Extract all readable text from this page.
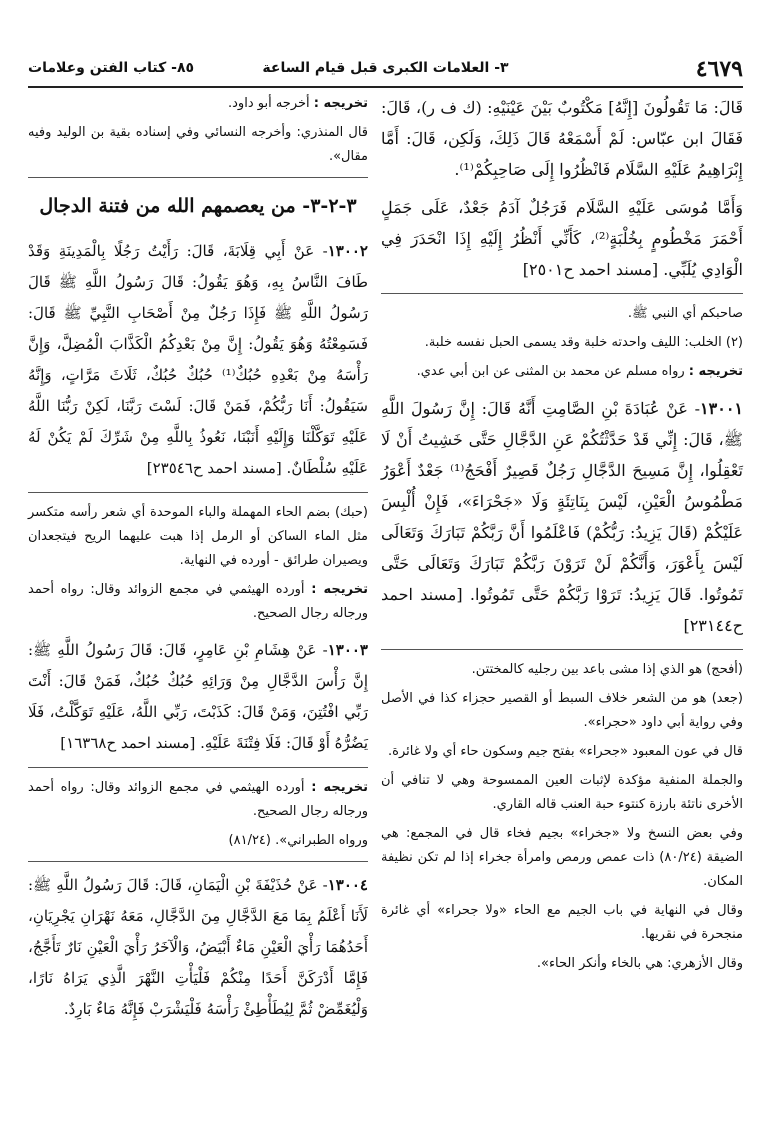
٤٦٧٩
٣- العلامات الكبرى قبل قيام الساعة
٨٥- كتاب الفتن وعلامات

قَالَ: مَا تَقُولُونَ [إِنَّهُ] مَكْتُوبٌ بَيْنَ عَيْنَيْهِ: (ك ف ر)، قَالَ: فَقَالَ ابن عبّاس: لَمْ أَسْمَعْهُ قَالَ ذَلِكَ، وَلَكِن، قَالَ: أَمَّا إِبْرَاهِيمُ عَلَيْهِ السَّلَام فَانْظُرُوا إِلَى صَاحِبِكُمْ⁽¹⁾.

وَأَمَّا مُوسَى عَلَيْهِ السَّلَام فَرَجُلٌ آدَمُ جَعْدٌ، عَلَى جَمَلٍ أَحْمَرَ مَخْطُومٍ بِخُلْبَةٍ⁽²⁾، كَأَنِّي أَنْظُرُ إِلَيْهِ إِذَا انْحَدَرَ فِي الْوَادِي يُلَبِّي. [مسند احمد ح٢٥٠١]

صاحبكم أي النبي ﷺ.

(٢) الخلب: الليف واحدته خلبة وقد يسمى الحبل نفسه خلبة.

تخريجه : رواه مسلم عن محمد بن المثنى عن ابن أبي عدي.

١٣٠٠١- عَنْ عُبَادَةَ بْنِ الصَّامِتِ أَنَّهُ قَالَ: إِنَّ رَسُولَ اللَّهِ ﷺ، قَالَ: إِنِّي قَدْ حَدَّثْتُكُمْ عَنِ الدَّجَّالِ حَتَّى خَشِيتُ أَنْ لَا تَعْقِلُوا، إِنَّ مَسِيحَ الدَّجَّالِ رَجُلٌ قَصِيرٌ أَفْحَجُ⁽¹⁾ جَعْدٌ أَعْوَرُ مَطْمُوسُ الْعَيْنِ، لَيْسَ بِنَاتِئَةٍ وَلَا «جَحْرَاءَ»، فَإِنْ أُلْبِسَ عَلَيْكُمْ (قَالَ يَزِيدُ: رَبُّكُمْ) فَاعْلَمُوا أَنَّ رَبَّكُمْ تَبَارَكَ وَتَعَالَى لَيْسَ بِأَعْوَرَ، وَأَنَّكُمْ لَنْ تَرَوْنَ رَبَّكُمْ تَبَارَكَ وَتَعَالَى حَتَّى تَمُوتُوا. قَالَ يَزِيدُ: تَرَوْا رَبَّكُمْ حَتَّى تَمُوتُوا. [مسند احمد ح٢٣١٤٤]

(أفحج) هو الذي إذا مشى باعد بين رجليه كالمختتن.

(جعد) هو من الشعر خلاف السبط أو القصير حجزاء كذا في الأصل وفي رواية أبي داود «حجراء».

قال في عون المعبود «جحراء» بفتح جيم وسكون حاء أي ولا غائرة.

والجملة المنفية مؤكدة لإثبات العين الممسوحة وهي لا تنافي أن الأخرى ناتئة بارزة كنتوء حبة العنب قاله القاري.

وفي بعض النسخ ولا «جخراء» بجيم فخاء قال في المجمع: هي الضيقة (٨٠/٢٤) ذات عمص ورمص وامرأة جخراء إذا لم تكن نظيفة المكان.

وقال في النهاية في باب الجيم مع الحاء «ولا جحراء» أي غائرة منجحرة في نقريها.

وقال الأزهري: هي بالخاء وأنكر الحاء».

تخريجه : أخرجه أبو داود.

قال المنذري: وأخرجه النسائي وفي إسناده بقية بن الوليد وفيه مقال».

٣-٢-٣- من يعصمهم الله من فتنة الدجال

١٣٠٠٢- عَنْ أَبِي قِلَابَةَ، قَالَ: رَأَيْتُ رَجُلًا بِالْمَدِينَةِ وَقَدْ طَافَ النَّاسُ بِهِ، وَهُوَ يَقُولُ: قَالَ رَسُولُ اللَّهِ ﷺ قَالَ رَسُولُ اللَّهِ ﷺ فَإِذَا رَجُلٌ مِنْ أَصْحَابِ النَّبِيِّ ﷺ قَالَ: فَسَمِعْتُهُ وَهُوَ يَقُولُ: إِنَّ مِنْ بَعْدِكُمُ الْكَذَّابَ الْمُضِلَّ، وَإِنَّ رَأْسَهُ مِنْ بَعْدِهِ حُبُكٌ⁽¹⁾ حُبُكٌ حُبُكٌ، ثَلَاثَ مَرَّاتٍ، وَإِنَّهُ سَيَقُولُ: أَنَا رَبُّكُمْ، فَمَنْ قَالَ: لَسْتَ رَبَّنَا، لَكِنْ رَبُّنَا اللَّهُ عَلَيْهِ تَوَكَّلْنَا وَإِلَيْهِ أَنَبْنَا، نَعُوذُ بِاللَّهِ مِنْ شَرِّكَ لَمْ يَكُنْ لَهُ عَلَيْهِ سُلْطَانٌ. [مسند احمد ح٢٣٥٤٦]

(حبك) بضم الحاء المهملة والباء الموحدة أي شعر رأسه متكسر مثل الماء الساكن أو الرمل إذا هبت عليهما الريح فيتجعدان ويصيران طرائق - أورده في النهاية.

تخريجه : أورده الهيثمي في مجمع الزوائد وقال: رواه أحمد ورجاله رجال الصحيح.

١٣٠٠٣- عَنْ هِشَامِ بْنِ عَامِرٍ، قَالَ: قَالَ رَسُولُ اللَّهِ ﷺ: إِنَّ رَأْسَ الدَّجَّالِ مِنْ وَرَائِهِ حُبُكٌ حُبُكٌ، فَمَنْ قَالَ: أَنْتَ رَبِّي افْتُتِنَ، وَمَنْ قَالَ: كَذَبْتَ، رَبِّي اللَّهُ، عَلَيْهِ تَوَكَّلْتُ، فَلَا يَضُرُّهُ أَوْ قَالَ: فَلَا فِتْنَةَ عَلَيْهِ. [مسند احمد ح١٦٣٦٨]

تخريجه : أورده الهيثمي في مجمع الزوائد وقال: رواه أحمد ورجاله رجال الصحيح.

ورواه الطبراني». (٨١/٢٤)

١٣٠٠٤- عَنْ حُذَيْفَةَ بْنِ الْيَمَانِ، قَالَ: قَالَ رَسُولُ اللَّهِ ﷺ: لَأَنَا أَعْلَمُ بِمَا مَعَ الدَّجَّالِ مِنَ الدَّجَّالِ، مَعَهُ نَهْرَانِ يَجْرِيَانِ، أَحَدُهُمَا رَأْيَ الْعَيْنِ مَاءٌ أَبْيَضُ، وَالْآخَرُ رَأْيَ الْعَيْنِ نَارٌ تَأَجَّجُ، فَإِمَّا أَدْرَكَنَّ أَحَدًا مِنْكُمْ فَلْيَأْتِ النَّهْرَ الَّذِي يَرَاهُ نَارًا، وَلْيُغَمِّضْ ثُمَّ لِيُطَأْطِئْ رَأْسَهُ فَلْيَشْرَبْ فَإِنَّهُ مَاءٌ بَارِدٌ.
